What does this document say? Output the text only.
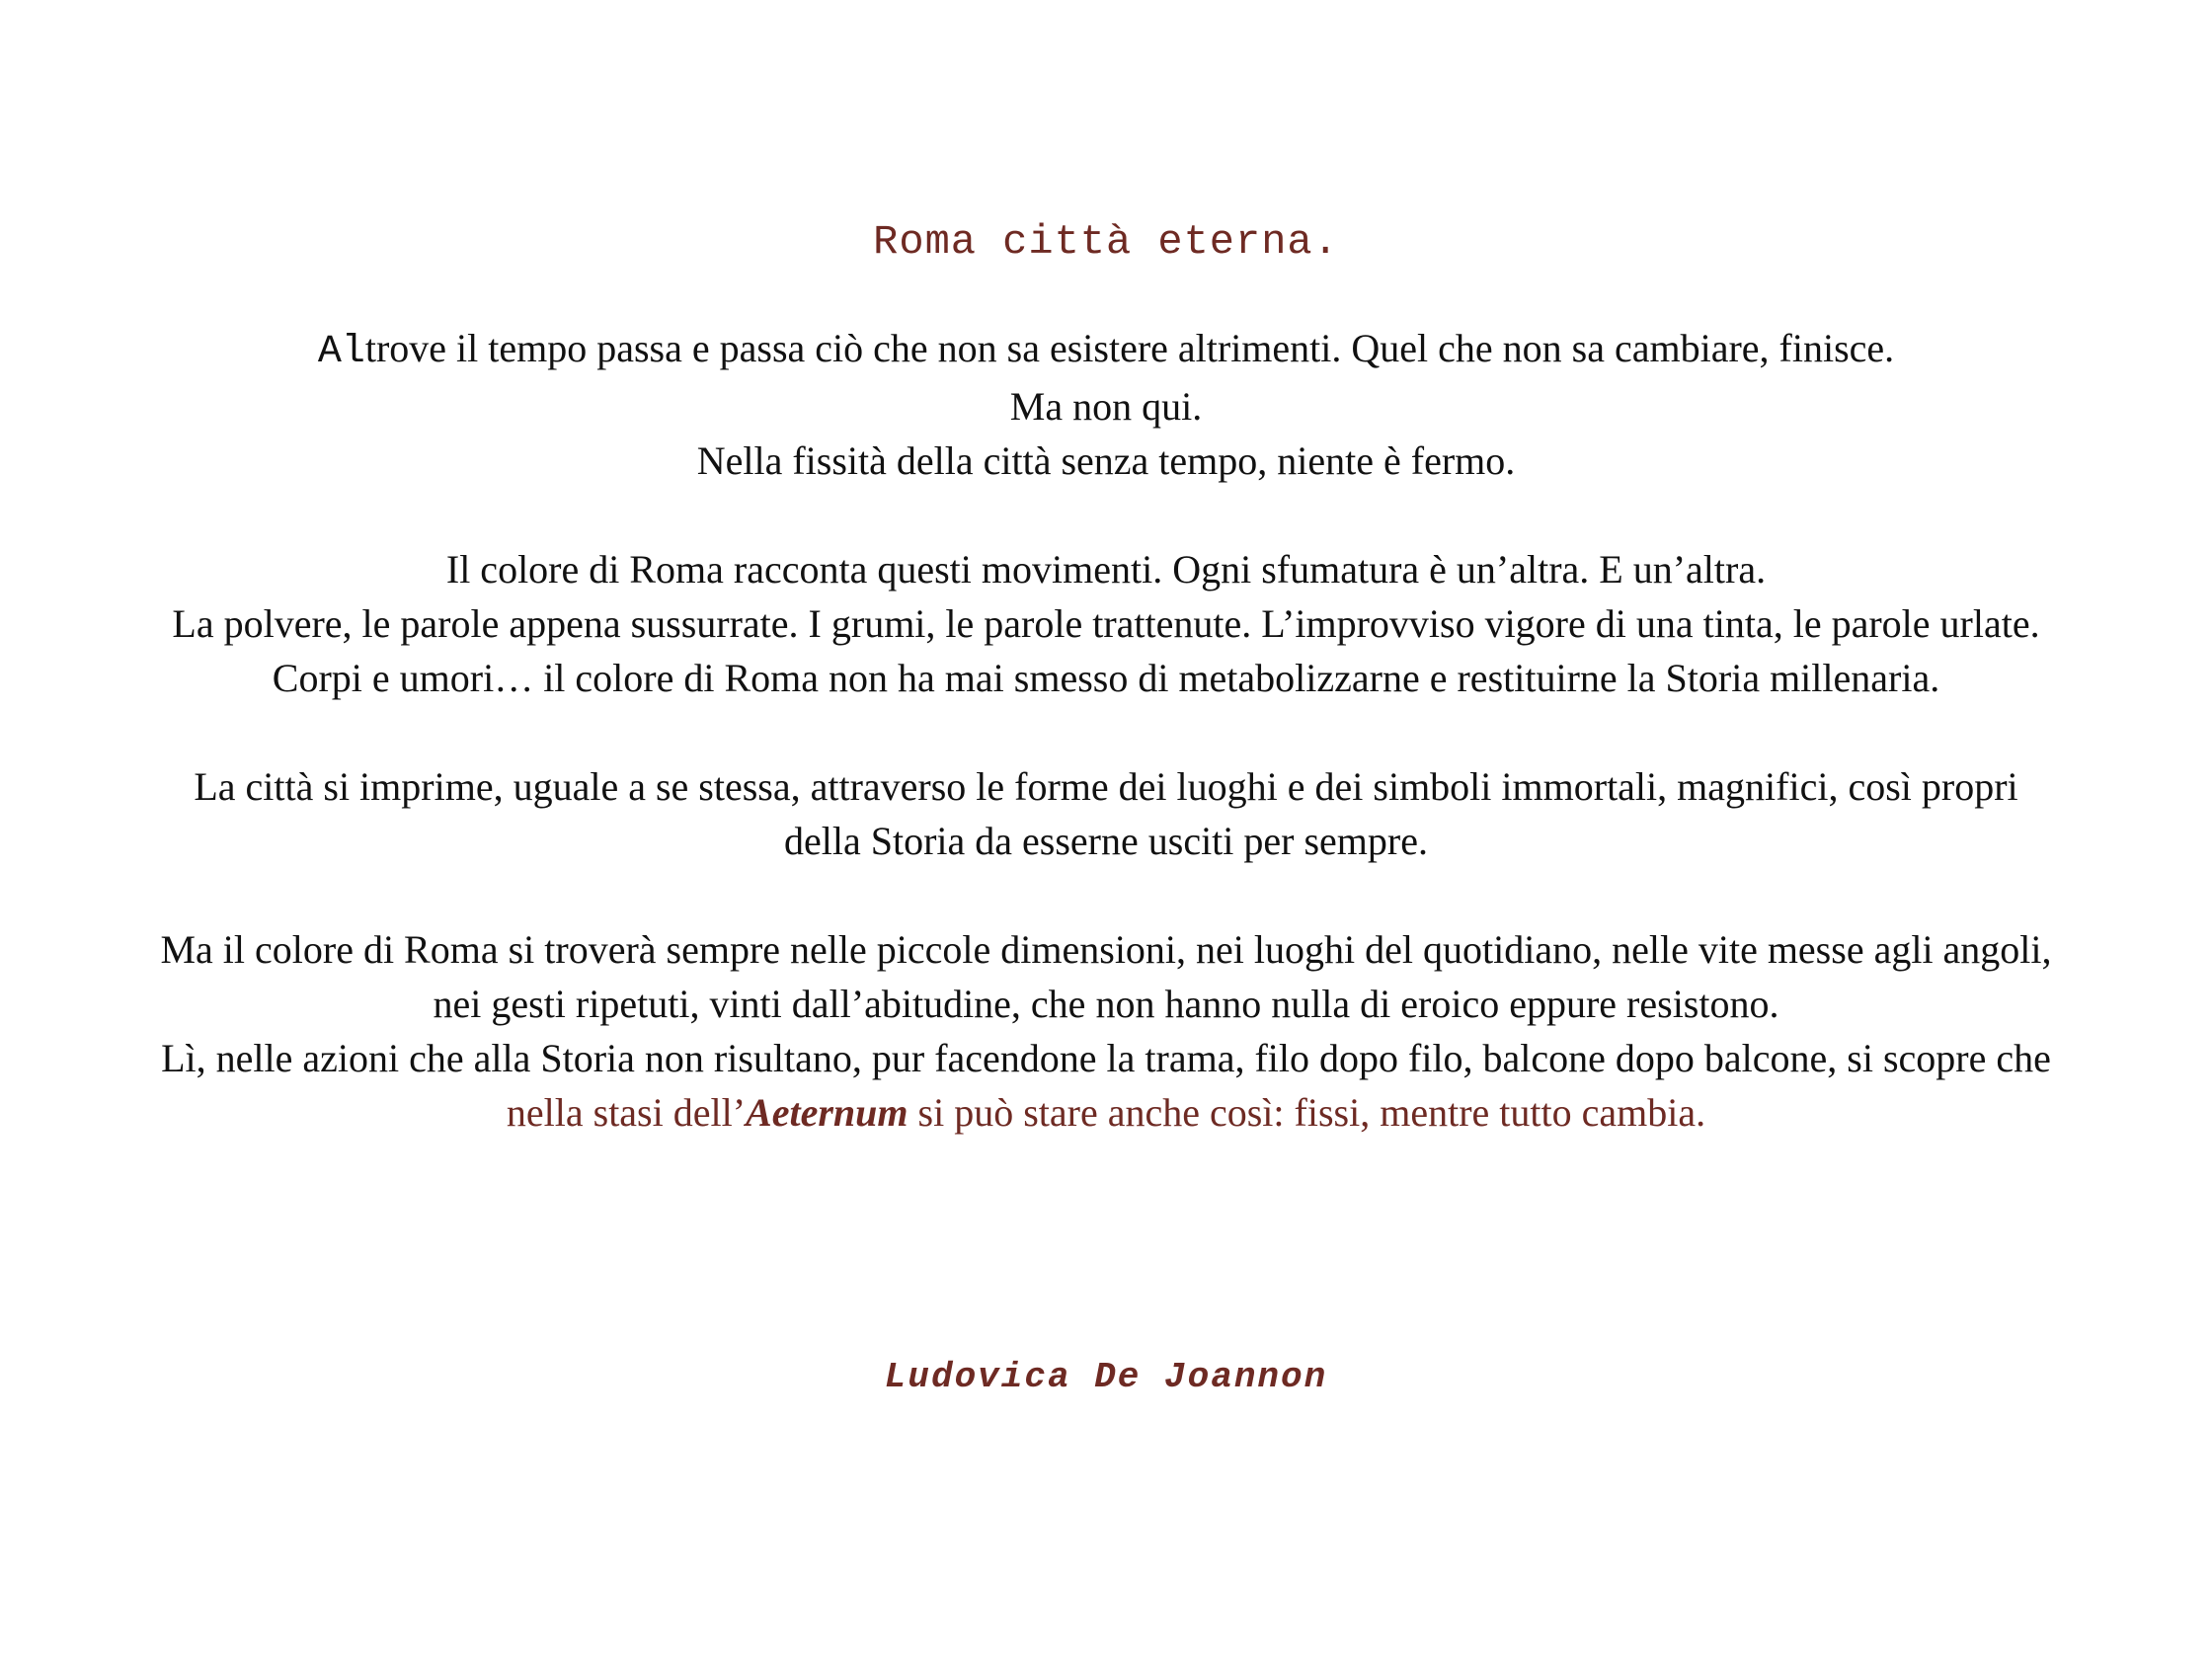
Roma città eterna.
Altrove il tempo passa e passa ciò che non sa esistere altrimenti. Quel che non sa cambiare, finisce.
Ma non qui.
Nella fissità della città senza tempo, niente è fermo.
Il colore di Roma racconta questi movimenti. Ogni sfumatura è un’altra. E un’altra.
La polvere, le parole appena sussurrate. I grumi, le parole trattenute. L’improvviso vigore di una tinta, le parole urlate.
Corpi e umori… il colore di Roma non ha mai smesso di metabolizzarne e restituirne la Storia millenaria.
La città si imprime, uguale a se stessa, attraverso le forme dei luoghi e dei simboli immortali, magnifici, così propri
della Storia da esserne usciti per sempre.
Ma il colore di Roma si troverà sempre nelle piccole dimensioni, nei luoghi del quotidiano, nelle vite messe agli angoli,
nei gesti ripetuti, vinti dall’abitudine, che non hanno nulla di eroico eppure resistono.
Lì, nelle azioni che alla Storia non risultano, pur facendone la trama, filo dopo filo, balcone dopo balcone, si scopre che
nella stasi dell’Aeternum si può stare anche così: fissi, mentre tutto cambia.
Ludovica De Joannon
